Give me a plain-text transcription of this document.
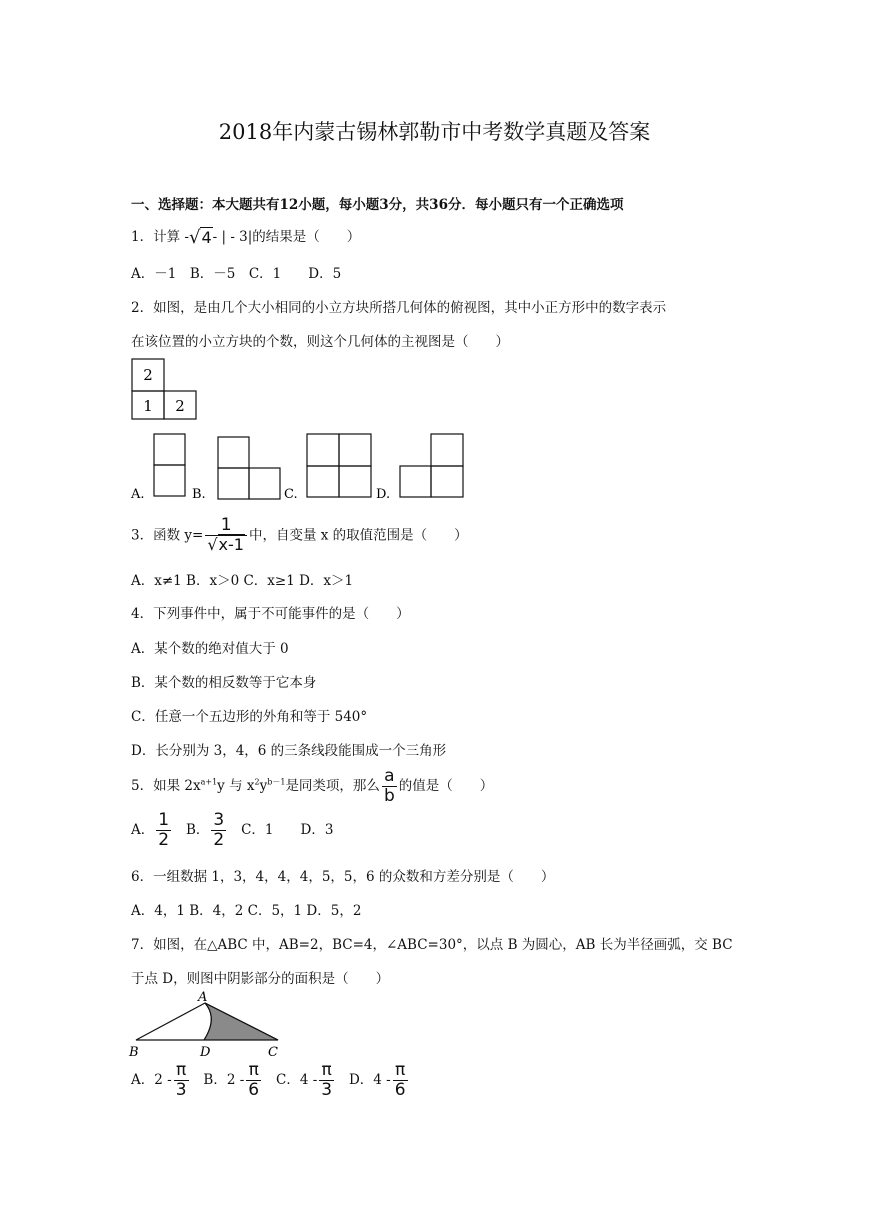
2018年内蒙古锡林郭勒市中考数学真题及答案
一、选择题：本大题共有12小题，每小题3分，共36分．每小题只有一个正确选项
1．计算 -√4- | - 3|的结果是（　　）
A．－1　B．－5　C．1　　D．5
2．如图，是由几个大小相同的小立方块所搭几何体的俯视图，其中小正方形中的数字表示
在该位置的小立方块的个数，则这个几何体的主视图是（　　）
2
1 2
A.	B.	C.	D.
3．函数 $y= \frac{1}{√x-1}$ 中，自变量 x 的取值范围是（　　）
A．x≠1 B．x＞0 C．x≥1 D．x＞1
4．下列事件中，属于不可能事件的是（　　）
A．某个数的绝对值大于 0
B．某个数的相反数等于它本身
C．任意一个五边形的外角和等于 540°
D．长分别为 3，4，6 的三条线段能围成一个三角形
5．如果 $2x^{a+1}y$ 与 $x^2y^{b-1}$是同类项，那么 $\frac{a}{b}$ 的值是（　　）
A． $\frac{1}{2}$ B． $\frac{3}{2}$ C．1　　D．3
6．一组数据 1，3，4，4，4，5，5，6 的众数和方差分别是（　　）
A．4，1 B．4，2 C．5，1 D．5，2
7．如图，在△ABC 中，AB=2，BC=4，∠ABC=30°，以点 B 为圆心，AB 长为半径画弧，交 BC
于点 D，则图中阴影部分的面积是（　　）
A
B	D	C
A．$2 - \frac{\pi}{3}$ B．$2 - \frac{\pi}{6}$ C．$4 - \frac{\pi}{3}$ D．$4 - \frac{\pi}{6}$
